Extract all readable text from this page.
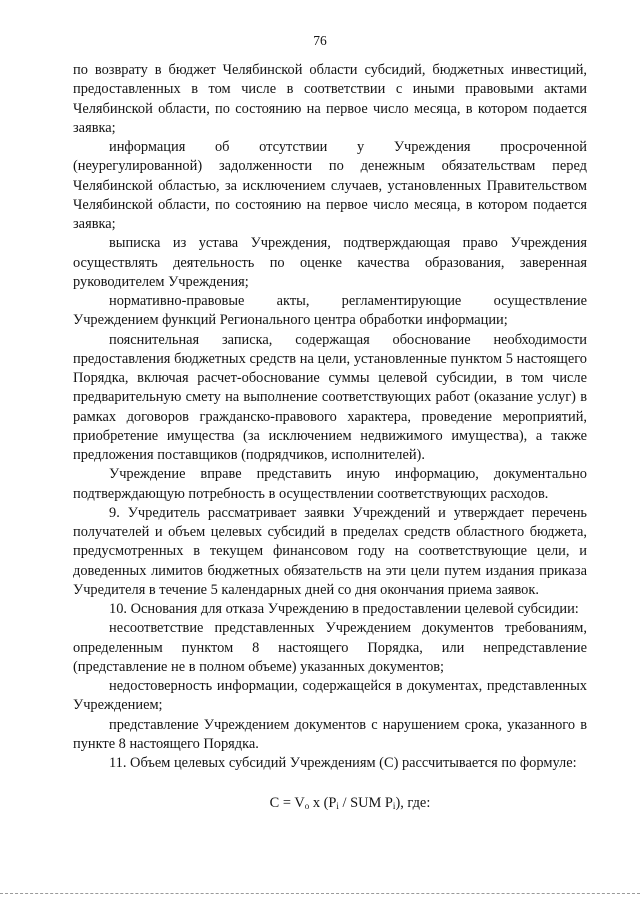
76

по возврату в бюджет Челябинской области субсидий, бюджетных инвестиций, предоставленных в том числе в соответствии с иными правовыми актами Челябинской области, по состоянию на первое число месяца, в котором подается заявка;

информация об отсутствии у Учреждения просроченной (неурегулированной) задолженности по денежным обязательствам перед Челябинской областью, за исключением случаев, установленных Правительством Челябинской области, по состоянию на первое число месяца, в котором подается заявка;

выписка из устава Учреждения, подтверждающая право Учреждения осуществлять деятельность по оценке качества образования, заверенная руководителем Учреждения;

нормативно-правовые акты, регламентирующие осуществление Учреждением функций Регионального центра обработки информации;

пояснительная записка, содержащая обоснование необходимости предоставления бюджетных средств на цели, установленные пунктом 5 настоящего Порядка, включая расчет-обоснование суммы целевой субсидии, в том числе предварительную смету на выполнение соответствующих работ (оказание услуг) в рамках договоров гражданско-правового характера, проведение мероприятий, приобретение имущества (за исключением недвижимого имущества), а также предложения поставщиков (подрядчиков, исполнителей).

Учреждение вправе представить иную информацию, документально подтверждающую потребность в осуществлении соответствующих расходов.

9. Учредитель рассматривает заявки Учреждений и утверждает перечень получателей и объем целевых субсидий в пределах средств областного бюджета, предусмотренных в текущем финансовом году на соответствующие цели, и доведенных лимитов бюджетных обязательств на эти цели путем издания приказа Учредителя в течение 5 календарных дней со дня окончания приема заявок.

10. Основания для отказа Учреждению в предоставлении целевой субсидии:

несоответствие представленных Учреждением документов требованиям, определенным пунктом 8 настоящего Порядка, или непредставление (представление не в полном объеме) указанных документов;

недостоверность информации, содержащейся в документах, представленных Учреждением;

представление Учреждением документов с нарушением срока, указанного в пункте 8 настоящего Порядка.

11. Объем целевых субсидий Учреждениям (С) рассчитывается по формуле:

$C = V_o$ x ($P_i$ / SUM $P_i$), где:
